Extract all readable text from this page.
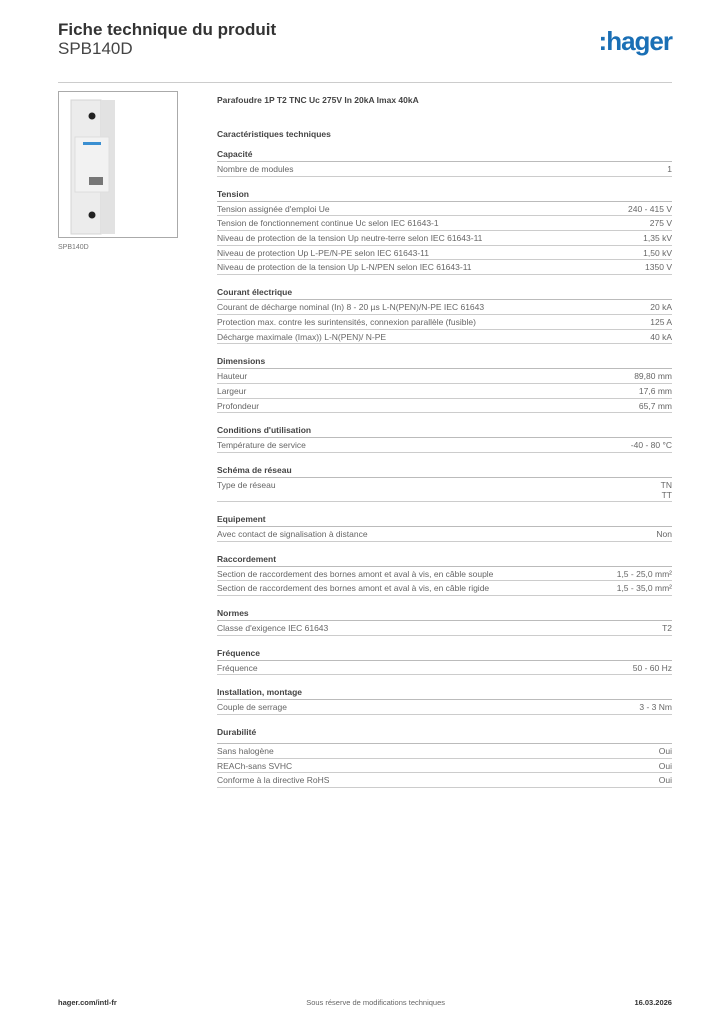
Fiche technique du produit
SPB140D	:hager
SPB140D
Parafoudre 1P T2 TNC Uc 275V In 20kA Imax 40kA
Caractéristiques techniques
Capacité
Nombre de modules	1
Tension
Tension assignée d'emploi Ue	240 - 415 V
Tension de fonctionnement continue Uc selon IEC 61643-1	275 V
Niveau de protection de la tension Up neutre-terre selon IEC 61643-11	1,35 kV
Niveau de protection Up L-PE/N-PE selon IEC 61643-11	1,50 kV
Niveau de protection de la tension Up L-N/PEN selon IEC 61643-11	1350 V
Courant électrique
Courant de décharge nominal (In) 8 - 20 µs L-N(PEN)/N-PE IEC 61643	20 kA
Protection max. contre les surintensités, connexion parallèle (fusible)	125 A
Décharge maximale (Imax)) L-N(PEN)/ N-PE	40 kA
Dimensions
Hauteur	89,80 mm
Largeur	17,6 mm
Profondeur	65,7 mm
Conditions d'utilisation
Température de service	-40 - 80 °C
Schéma de réseau
Type de réseau	TN
TT
Equipement
Avec contact de signalisation à distance	Non
Raccordement
Section de raccordement des bornes amont et aval à vis, en câble souple	1,5 - 25,0 mm²
Section de raccordement des bornes amont et aval à vis, en câble rigide	1,5 - 35,0 mm²
Normes
Classe d'exigence IEC 61643	T2
Fréquence
Fréquence	50 - 60 Hz
Installation, montage
Couple de serrage	3 - 3 Nm
Durabilité
Sans halogène	Oui
REACh-sans SVHC	Oui
Conforme à la directive RoHS	Oui
hager.com/intl-fr	Sous réserve de modifications techniques	16.03.2026
